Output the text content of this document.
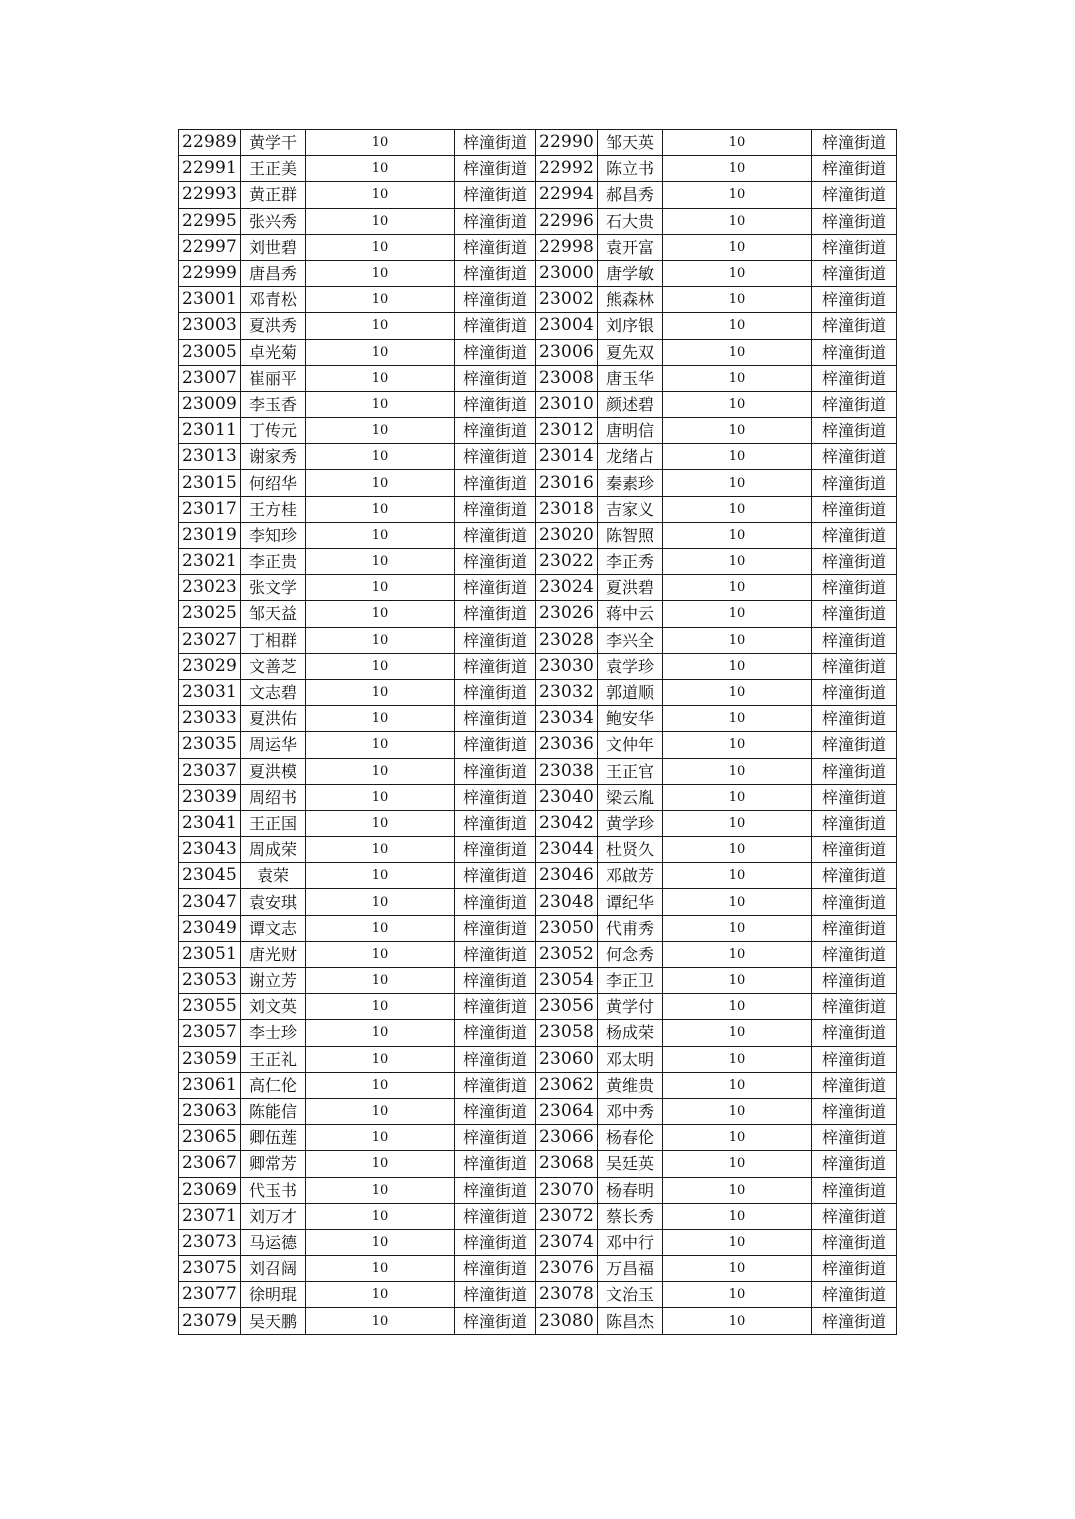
22989	黄学干	10	梓潼街道	22990	邹天英	10	梓潼街道
22991	王正美	10	梓潼街道	22992	陈立书	10	梓潼街道
22993	黄正群	10	梓潼街道	22994	郝昌秀	10	梓潼街道
22995	张兴秀	10	梓潼街道	22996	石大贵	10	梓潼街道
22997	刘世碧	10	梓潼街道	22998	袁开富	10	梓潼街道
22999	唐昌秀	10	梓潼街道	23000	唐学敏	10	梓潼街道
23001	邓青松	10	梓潼街道	23002	熊森林	10	梓潼街道
23003	夏洪秀	10	梓潼街道	23004	刘序银	10	梓潼街道
23005	卓光菊	10	梓潼街道	23006	夏先双	10	梓潼街道
23007	崔丽平	10	梓潼街道	23008	唐玉华	10	梓潼街道
23009	李玉香	10	梓潼街道	23010	颜述碧	10	梓潼街道
23011	丁传元	10	梓潼街道	23012	唐明信	10	梓潼街道
23013	谢家秀	10	梓潼街道	23014	龙绪占	10	梓潼街道
23015	何绍华	10	梓潼街道	23016	秦素珍	10	梓潼街道
23017	王方桂	10	梓潼街道	23018	吉家义	10	梓潼街道
23019	李知珍	10	梓潼街道	23020	陈智照	10	梓潼街道
23021	李正贵	10	梓潼街道	23022	李正秀	10	梓潼街道
23023	张文学	10	梓潼街道	23024	夏洪碧	10	梓潼街道
23025	邹天益	10	梓潼街道	23026	蒋中云	10	梓潼街道
23027	丁相群	10	梓潼街道	23028	李兴全	10	梓潼街道
23029	文善芝	10	梓潼街道	23030	袁学珍	10	梓潼街道
23031	文志碧	10	梓潼街道	23032	郭道顺	10	梓潼街道
23033	夏洪佑	10	梓潼街道	23034	鲍安华	10	梓潼街道
23035	周运华	10	梓潼街道	23036	文仲年	10	梓潼街道
23037	夏洪模	10	梓潼街道	23038	王正官	10	梓潼街道
23039	周绍书	10	梓潼街道	23040	梁云胤	10	梓潼街道
23041	王正国	10	梓潼街道	23042	黄学珍	10	梓潼街道
23043	周成荣	10	梓潼街道	23044	杜贤久	10	梓潼街道
23045	袁荣	10	梓潼街道	23046	邓啟芳	10	梓潼街道
23047	袁安琪	10	梓潼街道	23048	谭纪华	10	梓潼街道
23049	谭文志	10	梓潼街道	23050	代甫秀	10	梓潼街道
23051	唐光财	10	梓潼街道	23052	何念秀	10	梓潼街道
23053	谢立芳	10	梓潼街道	23054	李正卫	10	梓潼街道
23055	刘文英	10	梓潼街道	23056	黄学付	10	梓潼街道
23057	李士珍	10	梓潼街道	23058	杨成荣	10	梓潼街道
23059	王正礼	10	梓潼街道	23060	邓太明	10	梓潼街道
23061	高仁伦	10	梓潼街道	23062	黄维贵	10	梓潼街道
23063	陈能信	10	梓潼街道	23064	邓中秀	10	梓潼街道
23065	卿伍莲	10	梓潼街道	23066	杨春伦	10	梓潼街道
23067	卿常芳	10	梓潼街道	23068	吴廷英	10	梓潼街道
23069	代玉书	10	梓潼街道	23070	杨春明	10	梓潼街道
23071	刘万才	10	梓潼街道	23072	蔡长秀	10	梓潼街道
23073	马运德	10	梓潼街道	23074	邓中行	10	梓潼街道
23075	刘召阔	10	梓潼街道	23076	万昌福	10	梓潼街道
23077	徐明琨	10	梓潼街道	23078	文治玉	10	梓潼街道
23079	吴天鹏	10	梓潼街道	23080	陈昌杰	10	梓潼街道
